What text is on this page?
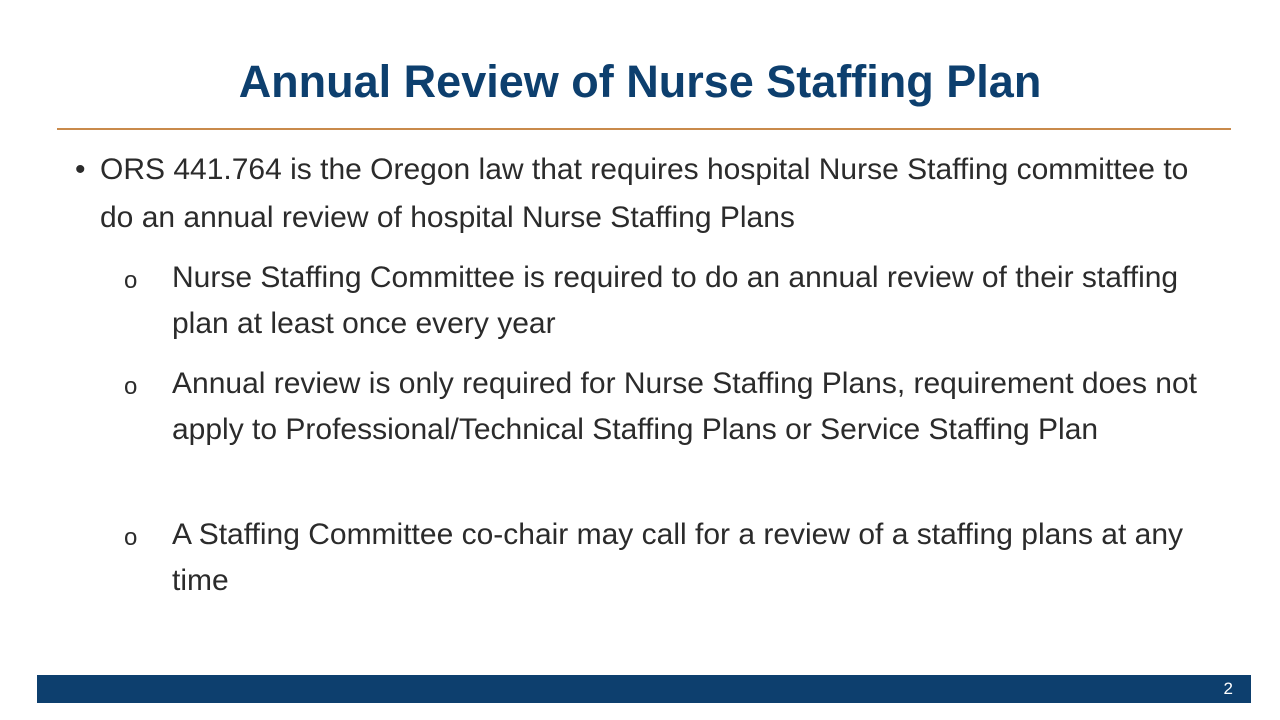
Annual Review of Nurse Staffing Plan
• ORS 441.764 is the Oregon law that requires hospital Nurse Staffing committee to do an annual review of hospital Nurse Staffing Plans
o Nurse Staffing Committee is required to do an annual review of their staffing plan at least once every year
o Annual review is only required for Nurse Staffing Plans, requirement does not apply to Professional/Technical Staffing Plans or Service Staffing Plan
o A Staffing Committee co-chair may call for a review of a staffing plans at any time
2
